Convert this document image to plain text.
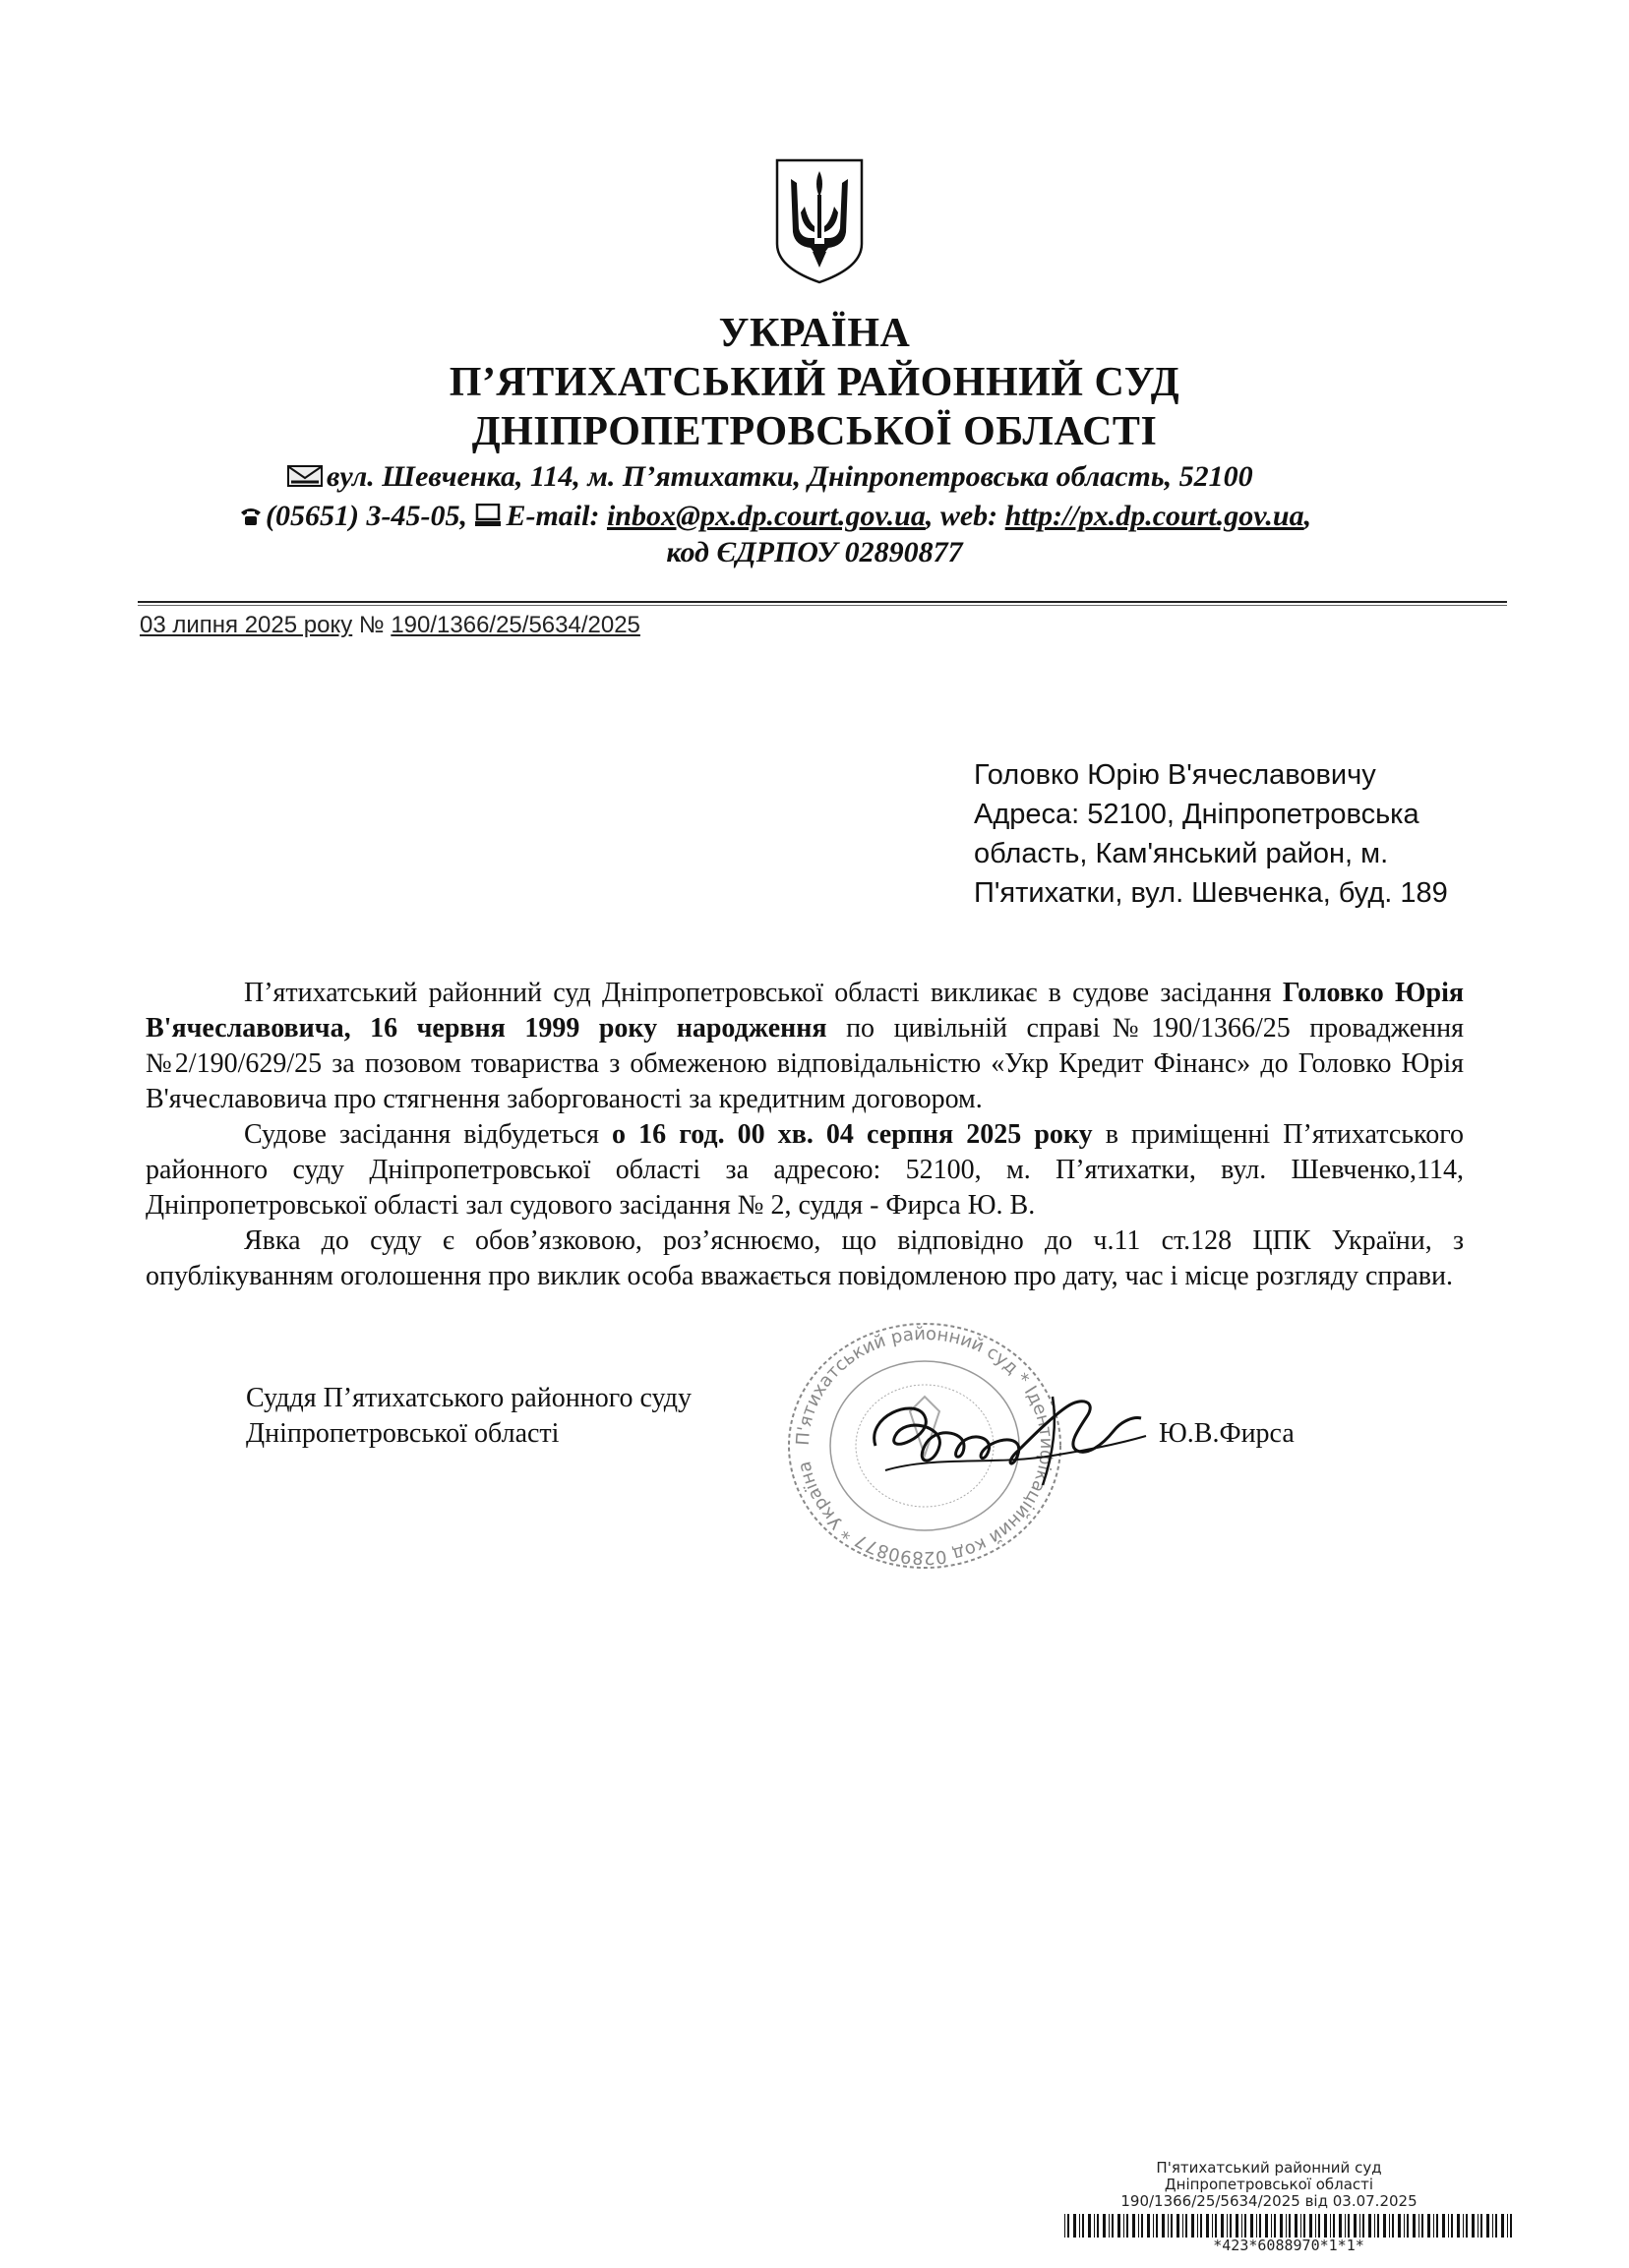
УКРАЇНА
П’ЯТИХАТСЬКИЙ РАЙОННИЙ СУД
ДНІПРОПЕТРОВСЬКОЇ ОБЛАСТІ
вул. Шевченка, 114, м. П’ятихатки, Дніпропетровська область, 52100
(05651) 3-45-05, E-mail: inbox@px.dp.court.gov.ua, web: http://px.dp.court.gov.ua,
код ЄДРПОУ 02890877
03 липня 2025 року № 190/1366/25/5634/2025
Головко Юрію В'ячеславовичу
Адреса: 52100, Дніпропетровська
область, Кам'янський район, м.
П'ятихатки, вул. Шевченка, буд. 189

П’ятихатський районний суд Дніпропетровської області викликає в судове засідання Головко Юрія В'ячеславовича, 16 червня 1999 року народження по цивільній справі№190/1366/25 провадження №2/190/629/25 за позовом товариства з обмеженою відповідальністю «Укр Кредит Фінанс» до Головко Юрія В'ячеславовича про стягнення заборгованості за кредитним договором.

Судове засідання відбудеться о 16 год. 00 хв. 04 серпня 2025 року в приміщенні П’ятихатського районного суду Дніпропетровської області за адресою: 52100, м. П’ятихатки, вул. Шевченко,114, Дніпропетровської області зал судового засідання № 2, суддя - Фирса Ю. В.

Явка до суду є обов’язковою, роз’яснюємо, що відповідно до ч.11 ст.128 ЦПК України, з опублікуванням оголошення про виклик особа вважається повідомленою про дату, час і місце розгляду справи.

Суддя П’ятихатського районного суду
Дніпропетровської області	Ю.В.Фирса
П'ятихатський районний суд * Ідентифікаційний код 02890877 * Україна
П'ятихатський районний суд
Дніпропетровської області
190/1366/25/5634/2025 від 03.07.2025
*423*6088970*1*1*
